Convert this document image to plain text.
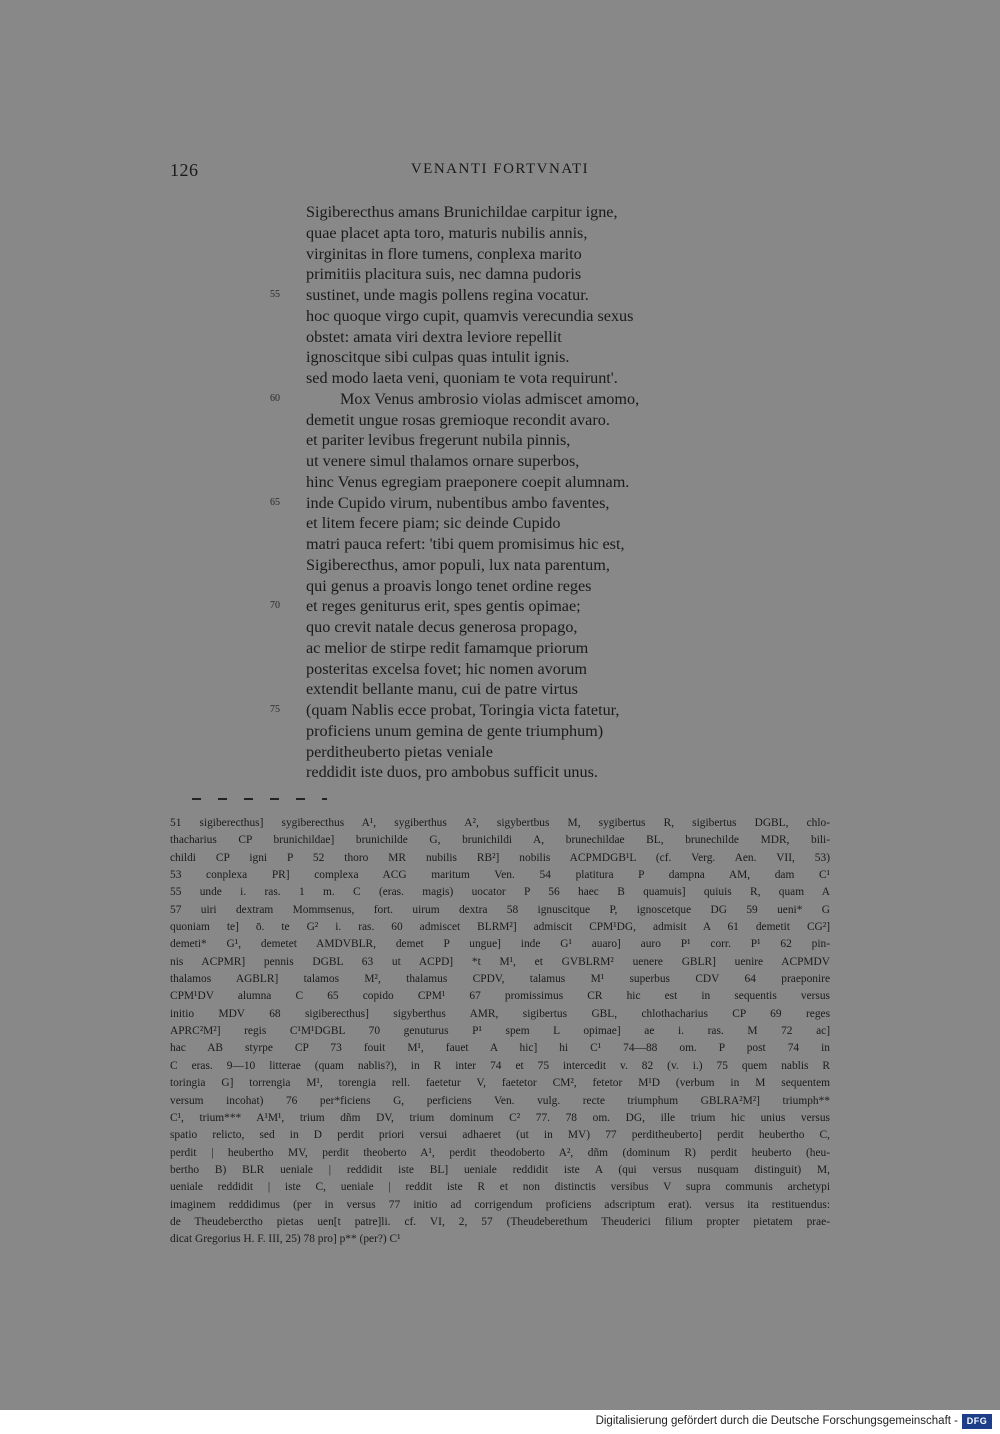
126	VENANTI FORTVNATI
Sigiberecthus amans Brunichildae carpitur igne,
quae placet apta toro, maturis nubilis annis,
virginitas in flore tumens, conplexa marito
primitiis placitura suis, nec damna pudoris
55	sustinet, unde magis pollens regina vocatur.
hoc quoque virgo cupit, quamvis verecundia sexus
obstet: amata viri dextra leviore repellit
ignoscitque sibi culpas quas intulit ignis.
sed modo laeta veni, quoniam te vota requirunt'.
60	Mox Venus ambrosio violas admiscet amomo,
demetit ungue rosas gremioque recondit avaro.
et pariter levibus fregerunt nubila pinnis,
ut venere simul thalamos ornare superbos,
hinc Venus egregiam praeponere coepit alumnam.
65	inde Cupido virum, nubentibus ambo faventes,
et litem fecere piam; sic deinde Cupido
matri pauca refert: 'tibi quem promisimus hic est,
Sigiberecthus, amor populi, lux nata parentum,
qui genus a proavis longo tenet ordine reges
70	et reges geniturus erit, spes gentis opimae;
quo crevit natale decus generosa propago,
ac melior de stirpe redit famamque priorum
posteritas excelsa fovet; hic nomen avorum
extendit bellante manu, cui de patre virtus
75	(quam Nablis ecce probat, Toringia victa fatetur,
proficiens unum gemina de gente triumphum)
perditheuberto pietas veniale
reddidit iste duos, pro ambobus sufficit unus.
51 sigiberecthus] sygiberecthus A¹, sygiberthus A², sigybertbus M, sygibertus R, sigibertus DGBL, chlo-
thacharius CP brunichildae] brunichilde G, brunichildi A, brunechildae BL, brunechilde MDR, bili-
childi CP igni P 52 thoro MR nubilis RB²] nobilis ACPMDGB¹L (cf. Verg. Aen. VII, 53)
53 conplexa PR] complexa ACG maritum Ven. 54 platitura P dampna AM, dam C¹
55 unde i. ras. 1 m. C (eras. magis) uocator P 56 haec B quamuis] quiuis R, quam A
57 uiri dextram Mommsenus, fort. uirum dextra 58 ignuscitque P, ignoscetque DG 59 ueni* G
quoniam te] ō. te G² i. ras. 60 admiscet BLRM²] admiscit CPM¹DG, admisit A 61 demetit CG²]
demeti* G¹, demetet AMDVBLR, demet P ungue] inde G¹ auaro] auro P¹ corr. P¹ 62 pin-
nis ACPMR] pennis DGBL 63 ut ACPD] *t M¹, et GVBLRM² uenere GBLR] uenire ACPMDV
thalamos AGBLR] talamos M², thalamus CPDV, talamus M¹ superbus CDV 64 praeponire
CPM¹DV alumna C 65 copido CPM¹ 67 promissimus CR hic est in sequentis versus
initio MDV 68 sigiberecthus] sigyberthus AMR, sigibertus GBL, chlothacharius CP 69 reges
APRC²M²] regis C¹M¹DGBL 70 genuturus P¹ spem L opimae] ae i. ras. M 72 ac]
hac AB styrpe CP 73 fouit M¹, fauet A hic] hi C¹ 74—88 om. P post 74 in
C eras. 9—10 litterae (quam nablis?), in R inter 74 et 75 intercedit v. 82 (v. i.) 75 quem nablis R
toringia G] torrengia M¹, torengia rell. faetetur V, faetetor CM², fetetor M¹D (verbum in M sequentem
versum incohat) 76 per*ficiens G, perficiens Ven. vulg. recte triumphum GBLRA²M²] triumph**
C¹, trium*** A¹M¹, trium dñm DV, trium dominum C² 77. 78 om. DG, ille trium hic unius versus
spatio relicto, sed in D perdit priori versui adhaeret (ut in MV) 77 perditheuberto] perdit heubertho C,
perdit | heubertho MV, perdit theoberto A¹, perdit theodoberto A², dñm (dominum R) perdit heuberto (heu-
bertho B) BLR ueniale | reddidit iste BL] ueniale reddidit iste A (qui versus nusquam distinguit) M,
ueniale reddidit | iste C, ueniale | reddit iste R et non distinctis versibus V supra communis archetypi
imaginem reddidimus (per in versus 77 initio ad corrigendum proficiens adscriptum erat). versus ita restituendus:
de Theudeberctho pietas uen[t patre]li. cf. VI, 2, 57 (Theudeberethum Theuderici filium propter pietatem prae-
dicat Gregorius H. F. III, 25) 78 pro] p** (per?) C¹
Digitalisierung gefördert durch die Deutsche Forschungsgemeinschaft - DFG
